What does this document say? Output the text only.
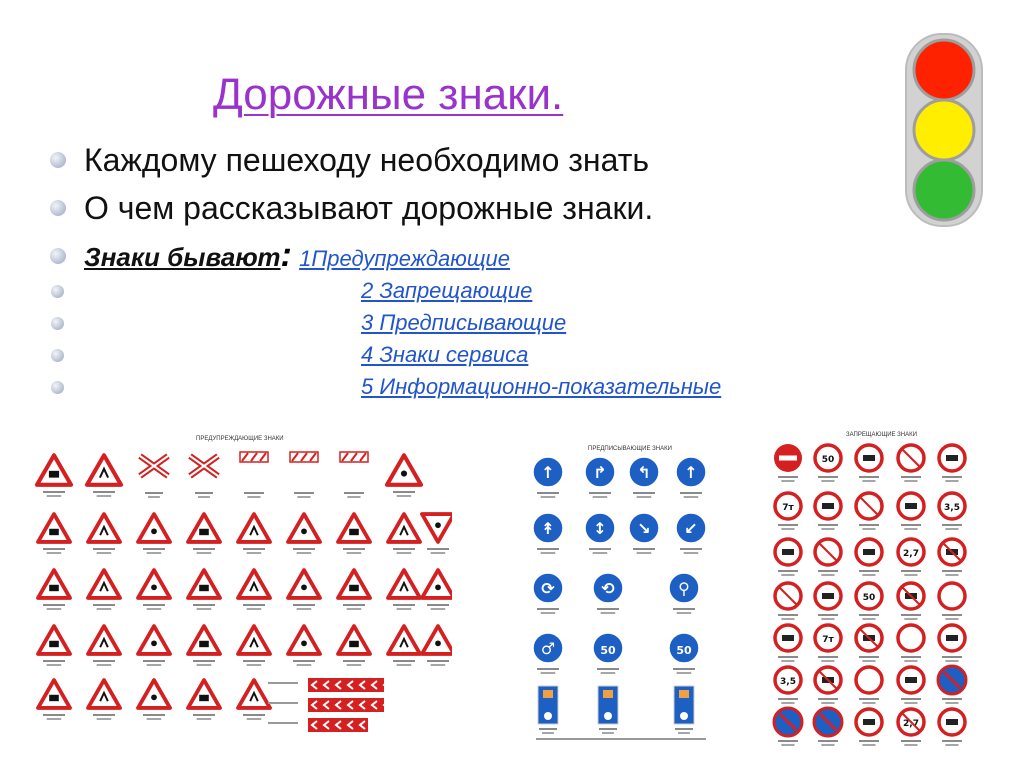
Дорожные знаки.
Каждому пешеходу необходимо знать
О чем рассказывают дорожные знаки.
Знаки бывают: 1Предупреждающие
2 Запрещающие
3 Предписывающие
4 Знаки сервиса
5 Информационно-показательные
ПРЕДУПРЕЖДАЮЩИЕ ЗНАКИ
ПРЕДПИСЫВАЮЩИЕ ЗНАКИ
↑ ↱ ↰ ↑
↟ ↕ ↘ ↙
⟳	⟲	⚲
♂	50	50
ЗАПРЕЩАЮЩИЕ ЗНАКИ
50
7т	3,5
2,7
50
7т
3,5
2,7
